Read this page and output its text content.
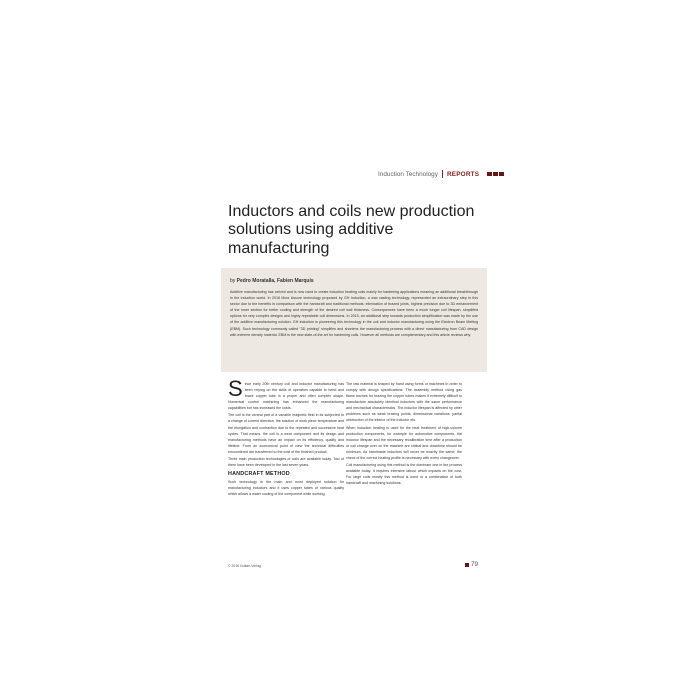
Induction Technology REPORTS
Inductors and coils new production solutions using additive manufacturing
by Pedro Moratalla, Fabien Marquis

Additive manufacturing has arrived and is now used to create induction heating coils mainly for hardening applications meaning an additional breakthrough in the induction world. In 2016 Moor Assure technology proposed by GH Induction, a wax casting technology, represented an extraordinary step in this sector due to the benefits in comparison with the handcraft and traditional methods: elimination of brazed joints, highest precision due to 3D enhancement of the inner section for better cooling and strength of the desired coil wall thickness. Consequences have been a much longer coil lifespan, simplified options for very complex designs and highly repeatable coil dimensions. In 2015, an additional step towards production simplification was made by the use of the additive manufacturing solution. GH induction is pioneering this technology in the coil and inductor manufacturing using the Electron Beam Melting (EBM). Such technology commonly called "3D printing" simplifies and shortens the manufacturing process with a direct manufacturing from CAD design with extreme density material. EBM is the new state-of-the art for hardening coils. However all methods are complementary and this article reviews why.

Since early 20th century coil and inductor manufacturing has been relying on the skills of operators capable to bend and braze copper tube in a proper and often complex shape. Numerical control machining has enhanced the manufacturing capabilities but has increased the costs.

The coil is the central part of a variable magnetic field in its subjected to a change of current direction, the solution of work piece temperature and the elongation and contraction due to the repeated and successive heat cycles. That means, the coil is a wear component and its design and manufacturing methods have an impact on its efficiency, quality and lifetime. From an economical point of view the technical difficulties encountered are transferred to the cost of the finished product.

Three main production technologies of coils are available today. Two of them have been developed in the last seven years.

HANDCRAFT METHOD

Such technology is the main and most deployed solution for manufacturing inductors and it uses copper tubes of various quality which allows a water cooling of the component while working.

The raw material is shaped by hand using forms or machines in order to comply with design specifications. The assembly method using gas flame torches for brazing the copper tubes makes it extremely difficult to manufacture absolutely identical inductors with the same performance and mechanical characteristics. The inductor lifespan is affected by other problems such as weak brazing points, dimensional variations, partial obstruction of the interior of the inductor etc.

When induction heating is used for the heat treatment of high-volume production components, for example for automotive components, the inductor lifespan and the necessary recalibration time after a production or coil change over on the machine are critical and downtime should be minimum. As handmade inductors will never be exactly the same, the check of the correct heating profile is necessary with every changeover.

Coil manufacturing using this method is the dominant one in the process available today. It requires intensive labour which impacts on the cost. For large coils mostly this method is used or a combination of both handcraft and machining solutions.

© 2016 Vulkan-Verlag	79
